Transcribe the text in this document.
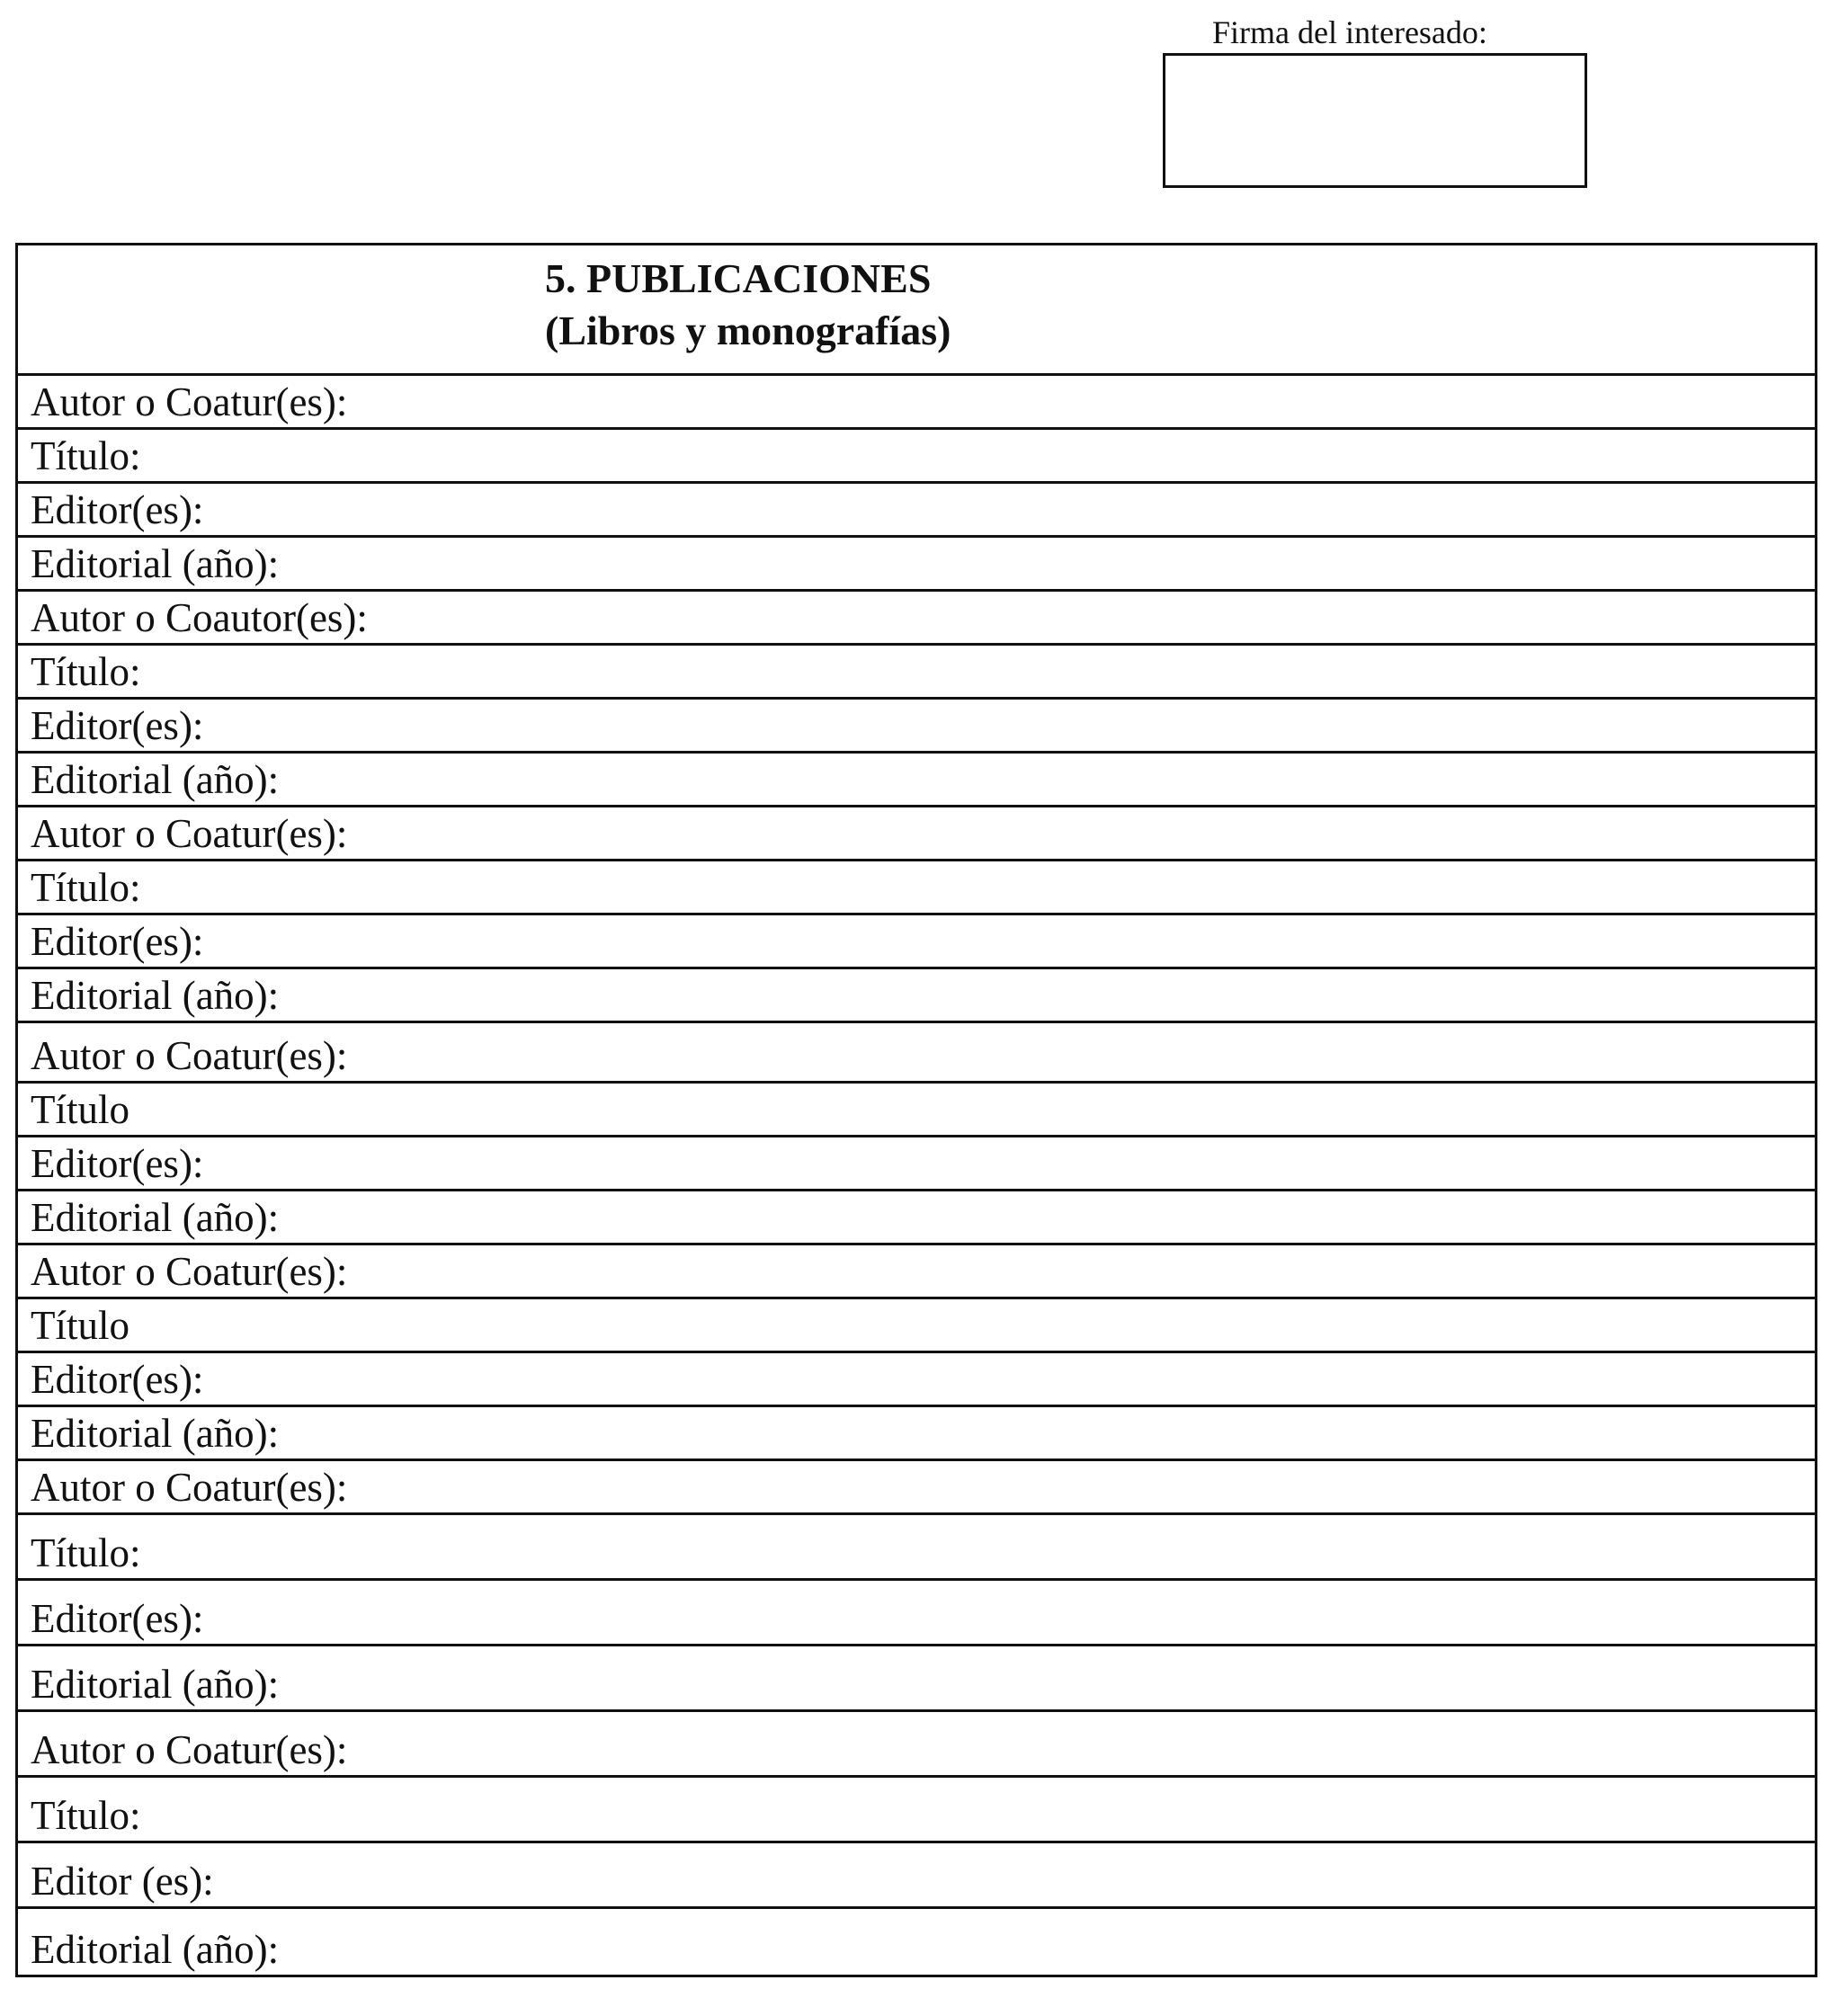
Firma del interesado:
5. PUBLICACIONES
(Libros y monografías)
Autor o Coatur(es):
Título:
Editor(es):
Editorial (año):
Autor o Coautor(es):
Título:
Editor(es):
Editorial (año):
Autor o Coatur(es):
Título:
Editor(es):
Editorial (año):
Autor o Coatur(es):
Título
Editor(es):
Editorial (año):
Autor o Coatur(es):
Título
Editor(es):
Editorial (año):
Autor o Coatur(es):
Título:
Editor(es):
Editorial (año):
Autor o Coatur(es):
Título:
Editor (es):
Editorial (año):
